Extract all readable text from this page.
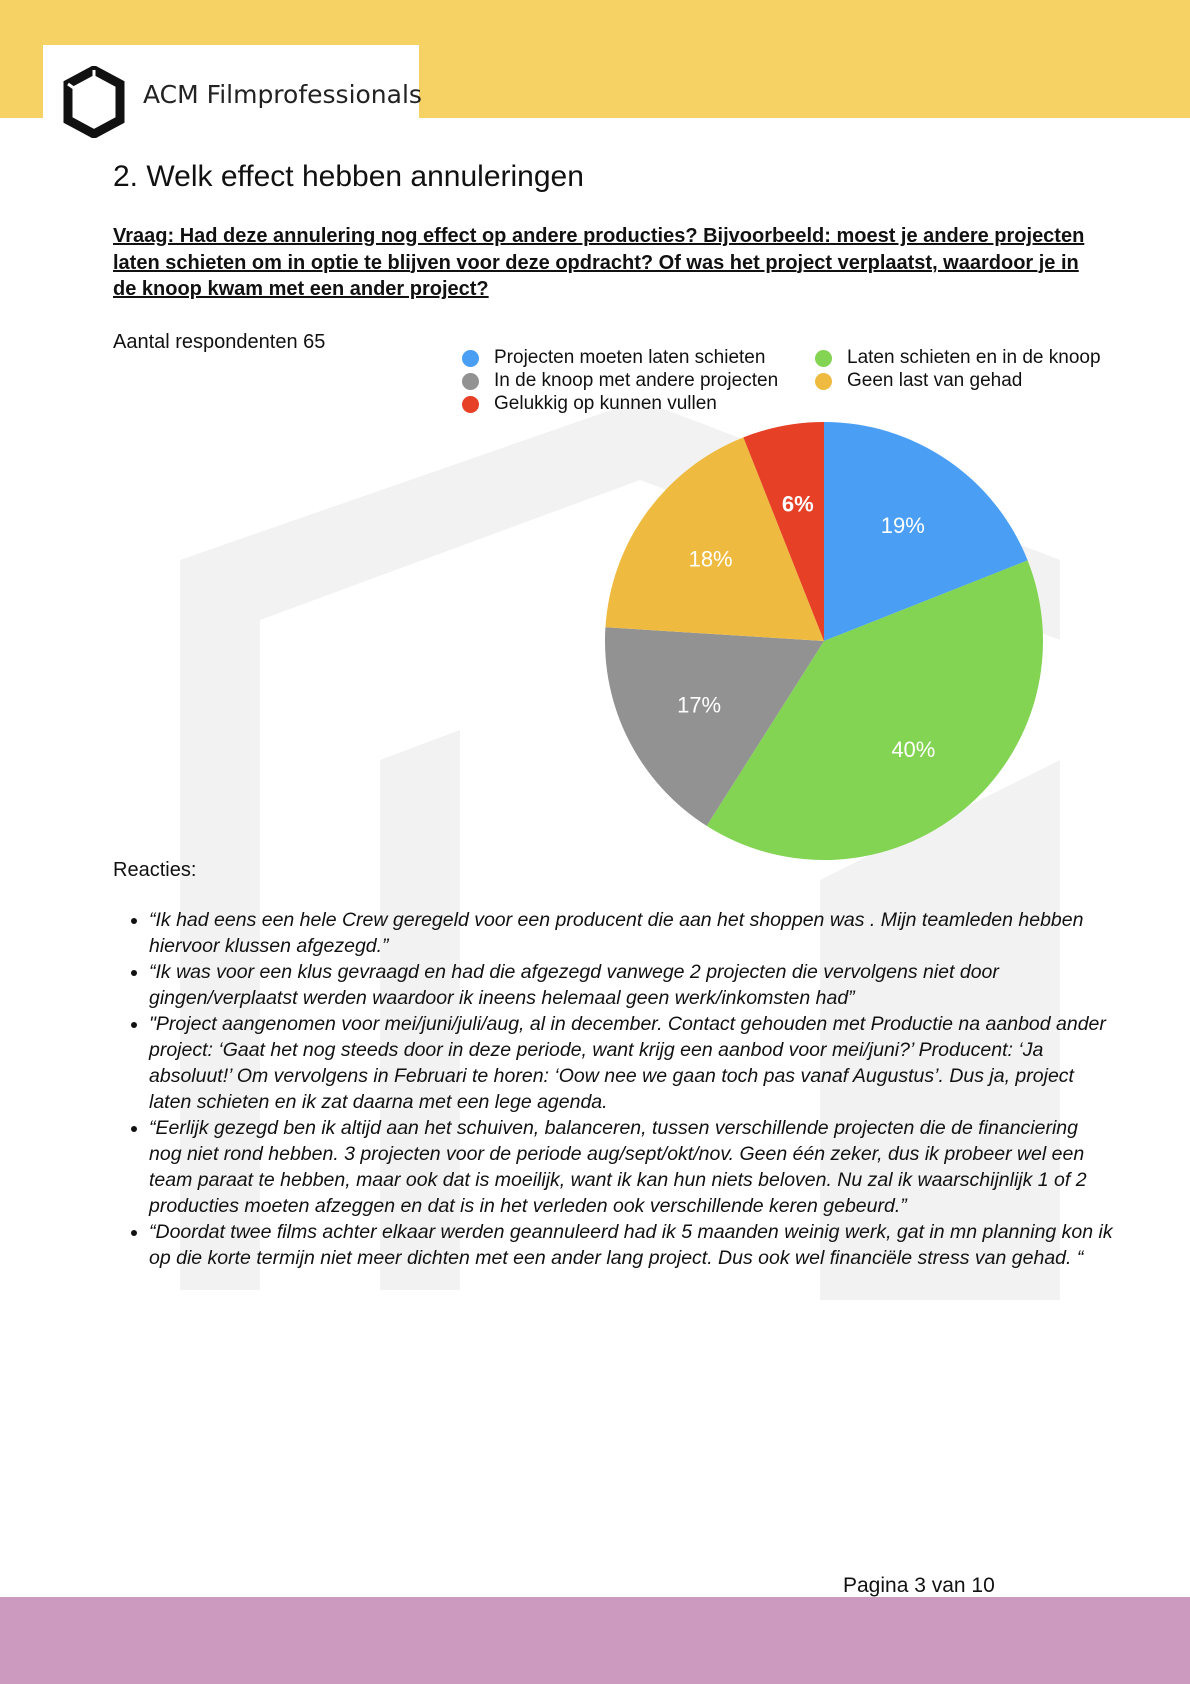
ACM Filmprofessionals
2. Welk effect hebben annuleringen
Vraag: Had deze annulering nog effect op andere producties? Bijvoorbeeld: moest je andere projecten laten schieten om in optie te blijven voor deze opdracht? Of was het project verplaatst, waardoor je in de knoop kwam met een ander project?
Aantal respondenten 65
Projecten moeten laten schieten	Laten schieten en in de knoop
In de knoop met andere projecten	Geen last van gehad
Gelukkig op kunnen vullen
19%
40%
17%
18%
6%
Reacties:
• “Ik had eens een hele Crew geregeld voor een producent die aan het shoppen was . Mijn teamleden hebben hiervoor klussen afgezegd.”
• “Ik was voor een klus gevraagd en had die afgezegd vanwege 2 projecten die vervolgens niet door gingen/verplaatst werden waardoor ik ineens helemaal geen werk/inkomsten had”
• "Project aangenomen voor mei/juni/juli/aug, al in december. Contact gehouden met Productie na aanbod ander project: ‘Gaat het nog steeds door in deze periode, want krijg een aanbod voor mei/juni?’ Producent: ‘Ja absoluut!’ Om vervolgens in Februari te horen: ‘Oow nee we gaan toch pas vanaf Augustus’. Dus ja, project laten schieten en ik zat daarna met een lege agenda.
• “Eerlijk gezegd ben ik altijd aan het schuiven, balanceren, tussen verschillende projecten die de financiering nog niet rond hebben. 3 projecten voor de periode aug/sept/okt/nov. Geen één zeker, dus ik probeer wel een team paraat te hebben, maar ook dat is moeilijk, want ik kan hun niets beloven. Nu zal ik waarschijnlijk 1 of 2 producties moeten afzeggen en dat is in het verleden ook verschillende keren gebeurd.”
• “Doordat twee films achter elkaar werden geannuleerd had ik 5 maanden weinig werk, gat in mn planning kon ik op die korte termijn niet meer dichten met een ander lang project. Dus ook wel financiële stress van gehad. “
Pagina 3 van 10
